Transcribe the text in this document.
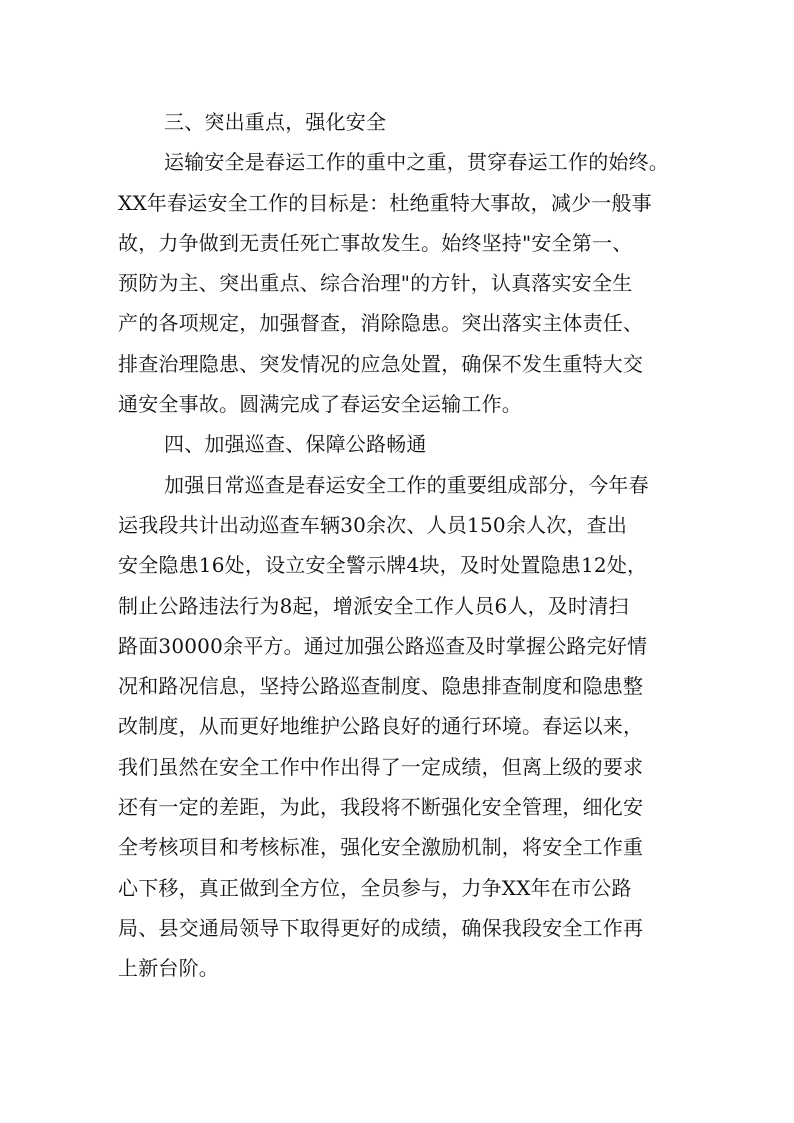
三、突出重点，强化安全
运输安全是春运工作的重中之重，贯穿春运工作的始终。
XX年春运安全工作的目标是：杜绝重特大事故，减少一般事
故，力争做到无责任死亡事故发生。始终坚持"安全第一、
预防为主、突出重点、综合治理"的方针，认真落实安全生
产的各项规定，加强督查，消除隐患。突出落实主体责任、
排查治理隐患、突发情况的应急处置，确保不发生重特大交
通安全事故。圆满完成了春运安全运输工作。
四、加强巡查、保障公路畅通
加强日常巡查是春运安全工作的重要组成部分，今年春
运我段共计出动巡查车辆30余次、人员150余人次，查出
安全隐患16处，设立安全警示牌4块，及时处置隐患12处，
制止公路违法行为8起，增派安全工作人员6人，及时清扫
路面30000余平方。通过加强公路巡查及时掌握公路完好情
况和路况信息，坚持公路巡查制度、隐患排查制度和隐患整
改制度，从而更好地维护公路良好的通行环境。春运以来，
我们虽然在安全工作中作出得了一定成绩，但离上级的要求
还有一定的差距，为此，我段将不断强化安全管理，细化安
全考核项目和考核标准，强化安全激励机制，将安全工作重
心下移，真正做到全方位，全员参与，力争XX年在市公路
局、县交通局领导下取得更好的成绩，确保我段安全工作再
上新台阶。
